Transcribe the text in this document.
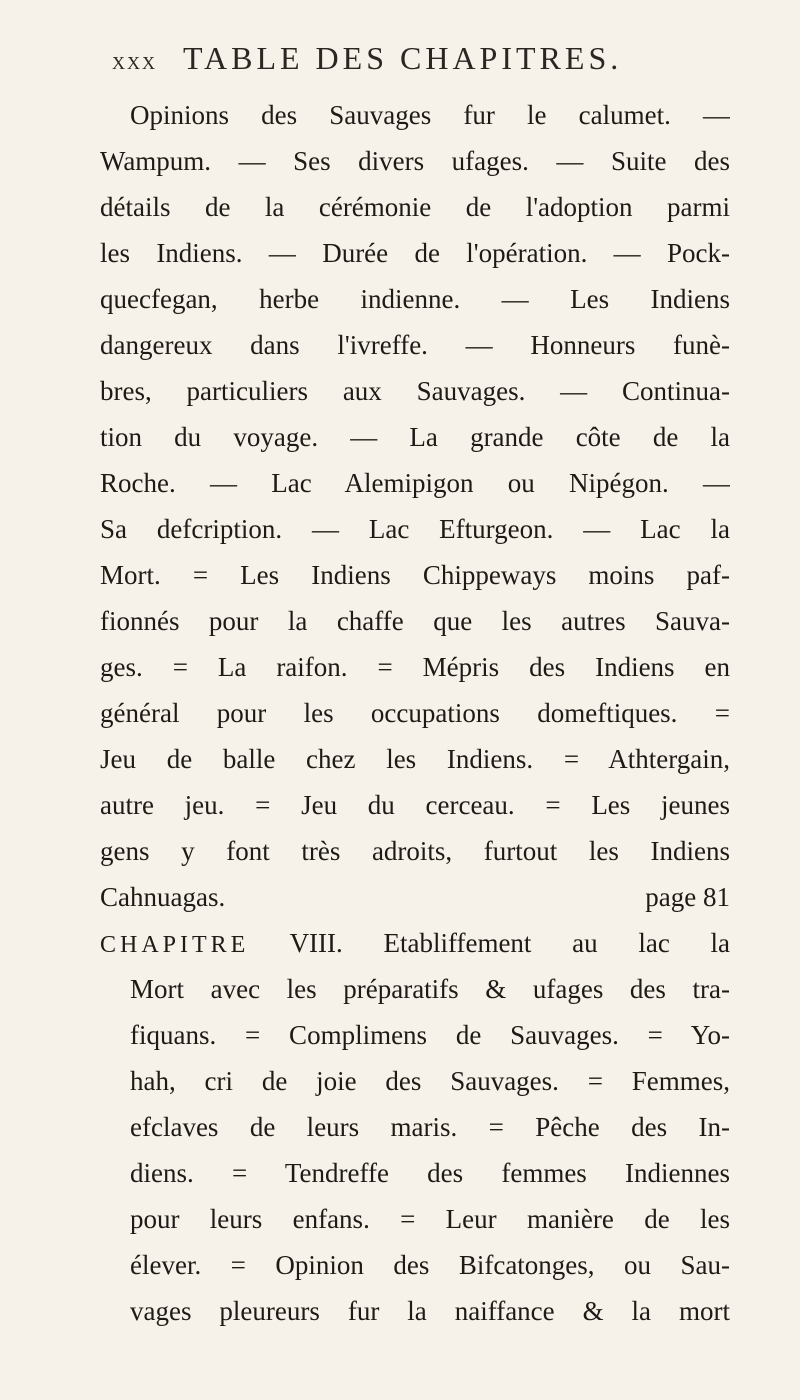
XXX TABLE DES CHAPITRES.
Opinions des Sauvages fur le calumet. —
Wampum. — Ses divers ufages. — Suite des
détails de la cérémonie de l'adoption parmi
les Indiens. — Durée de l'opération. — Pock-
quecfegan, herbe indienne. — Les Indiens
dangereux dans l'ivreffe. — Honneurs funè-
bres, particuliers aux Sauvages. — Continua-
tion du voyage. — La grande côte de la
Roche. — Lac Alemipigon ou Nipégon. —
Sa defcription. — Lac Efturgeon. — Lac la
Mort. = Les Indiens Chippeways moins paf-
fionnés pour la chaffe que les autres Sauva-
ges. = La raifon. = Mépris des Indiens en
général pour les occupations domeftiques. =
Jeu de balle chez les Indiens. = Athtergain,
autre jeu. = Jeu du cerceau. = Les jeunes
gens y font très adroits, furtout les Indiens
Cahnuagas.	page 81
CHAPITRE VIII. Etabliffement au lac la
Mort avec les préparatifs & ufages des tra-
fiquans. = Complimens de Sauvages. = Yo-
hah, cri de joie des Sauvages. = Femmes,
efclaves de leurs maris. = Pêche des In-
diens. = Tendreffe des femmes Indiennes
pour leurs enfans. = Leur manière de les
élever. = Opinion des Bifcatonges, ou Sau-
vages pleureurs fur la naiffance & la mort
